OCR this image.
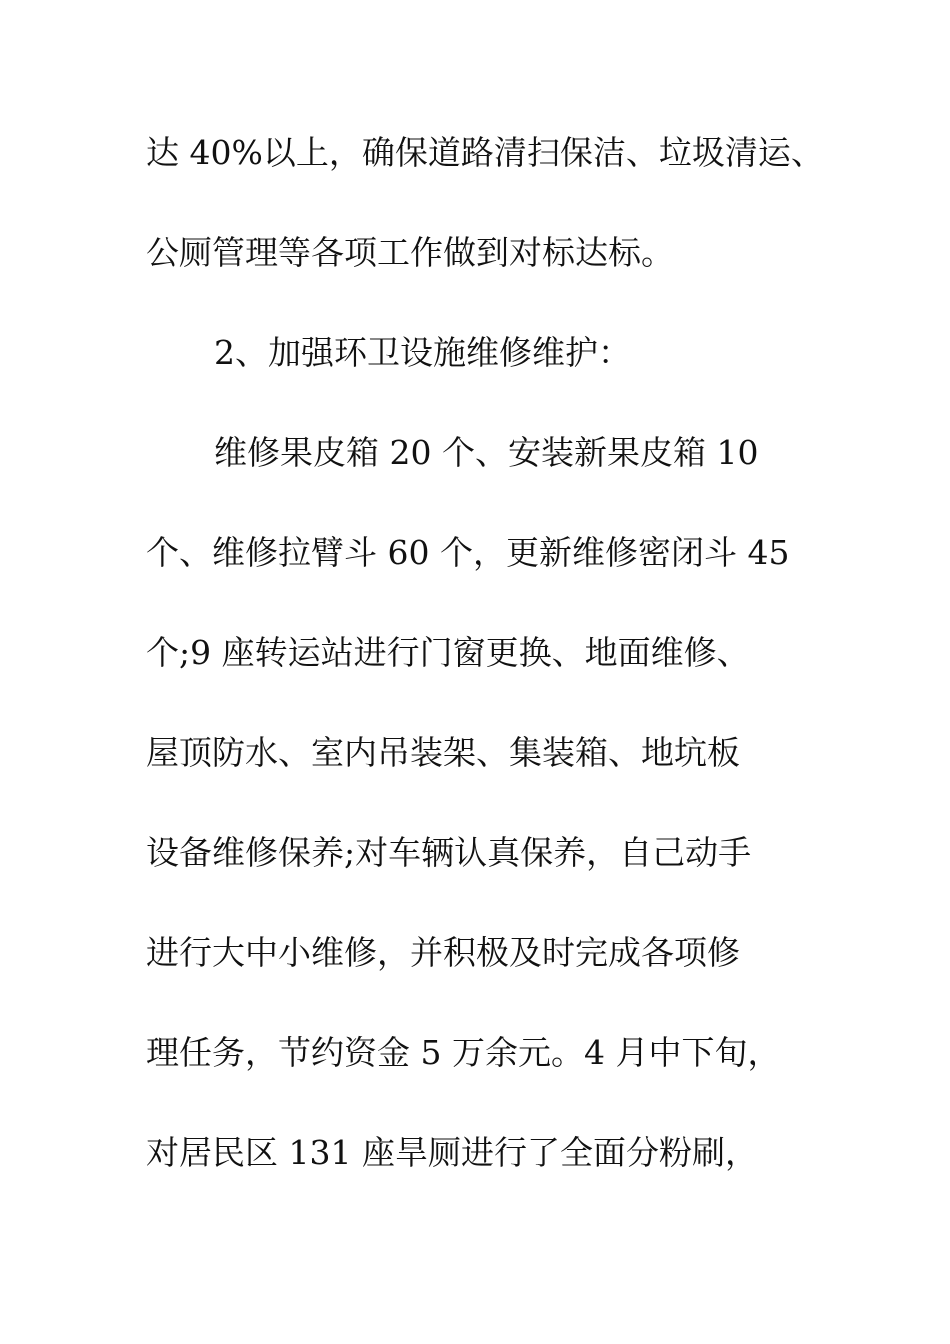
达 40%以上，确保道路清扫保洁、垃圾清运、
公厕管理等各项工作做到对标达标。
2、加强环卫设施维修维护：
维修果皮箱 20 个、安装新果皮箱 10
个、维修拉臂斗 60 个，更新维修密闭斗 45
个;9 座转运站进行门窗更换、地面维修、
屋顶防水、室内吊装架、集装箱、地坑板
设备维修保养;对车辆认真保养，自己动手
进行大中小维修，并积极及时完成各项修
理任务，节约资金 5 万余元。4 月中下旬，
对居民区 131 座旱厕进行了全面分粉刷，
